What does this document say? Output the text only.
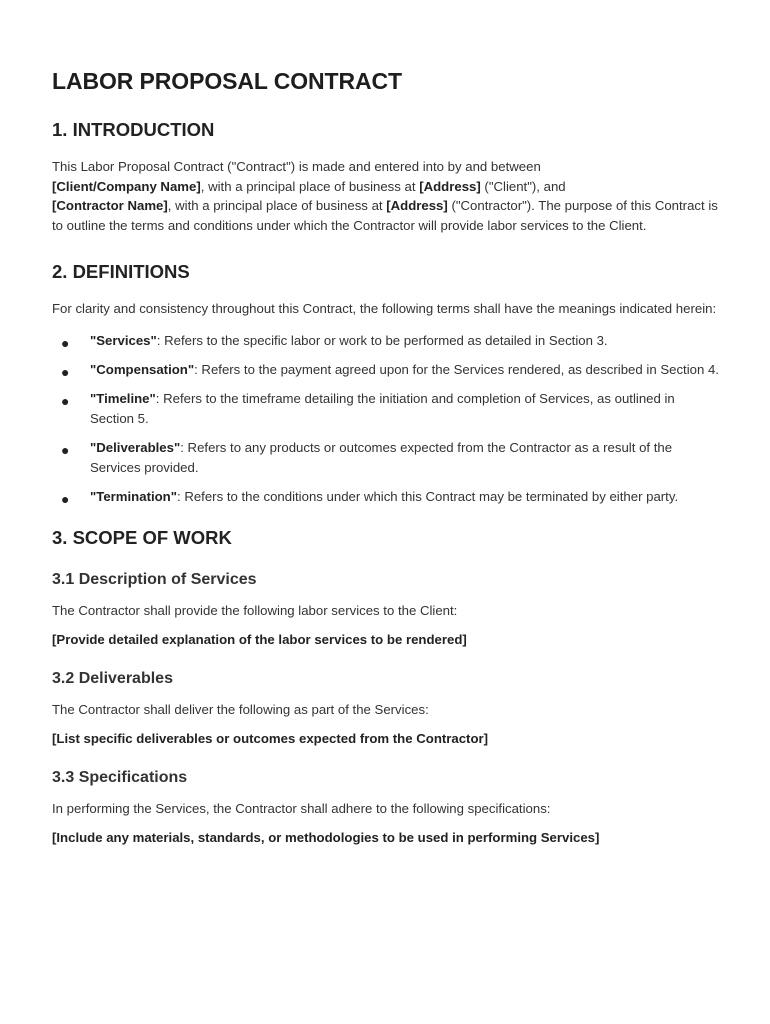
LABOR PROPOSAL CONTRACT
1. INTRODUCTION

This Labor Proposal Contract ("Contract") is made and entered into by and between
[Client/Company Name], with a principal place of business at [Address] ("Client"), and
[Contractor Name], with a principal place of business at [Address] ("Contractor"). The purpose of this Contract is to outline the terms and conditions under which the Contractor will provide labor services to the Client.

2. DEFINITIONS

For clarity and consistency throughout this Contract, the following terms shall have the meanings indicated herein:

● "Services": Refers to the specific labor or work to be performed as detailed in Section 3.
● "Compensation": Refers to the payment agreed upon for the Services rendered, as described in Section 4.
● "Timeline": Refers to the timeframe detailing the initiation and completion of Services, as outlined in Section 5.
● "Deliverables": Refers to any products or outcomes expected from the Contractor as a result of the Services provided.
● "Termination": Refers to the conditions under which this Contract may be terminated by either party.
3. SCOPE OF WORK
3.1 Description of Services

The Contractor shall provide the following labor services to the Client:

[Provide detailed explanation of the labor services to be rendered]

3.2 Deliverables

The Contractor shall deliver the following as part of the Services:

[List specific deliverables or outcomes expected from the Contractor]

3.3 Specifications

In performing the Services, the Contractor shall adhere to the following specifications:

[Include any materials, standards, or methodologies to be used in performing Services]
